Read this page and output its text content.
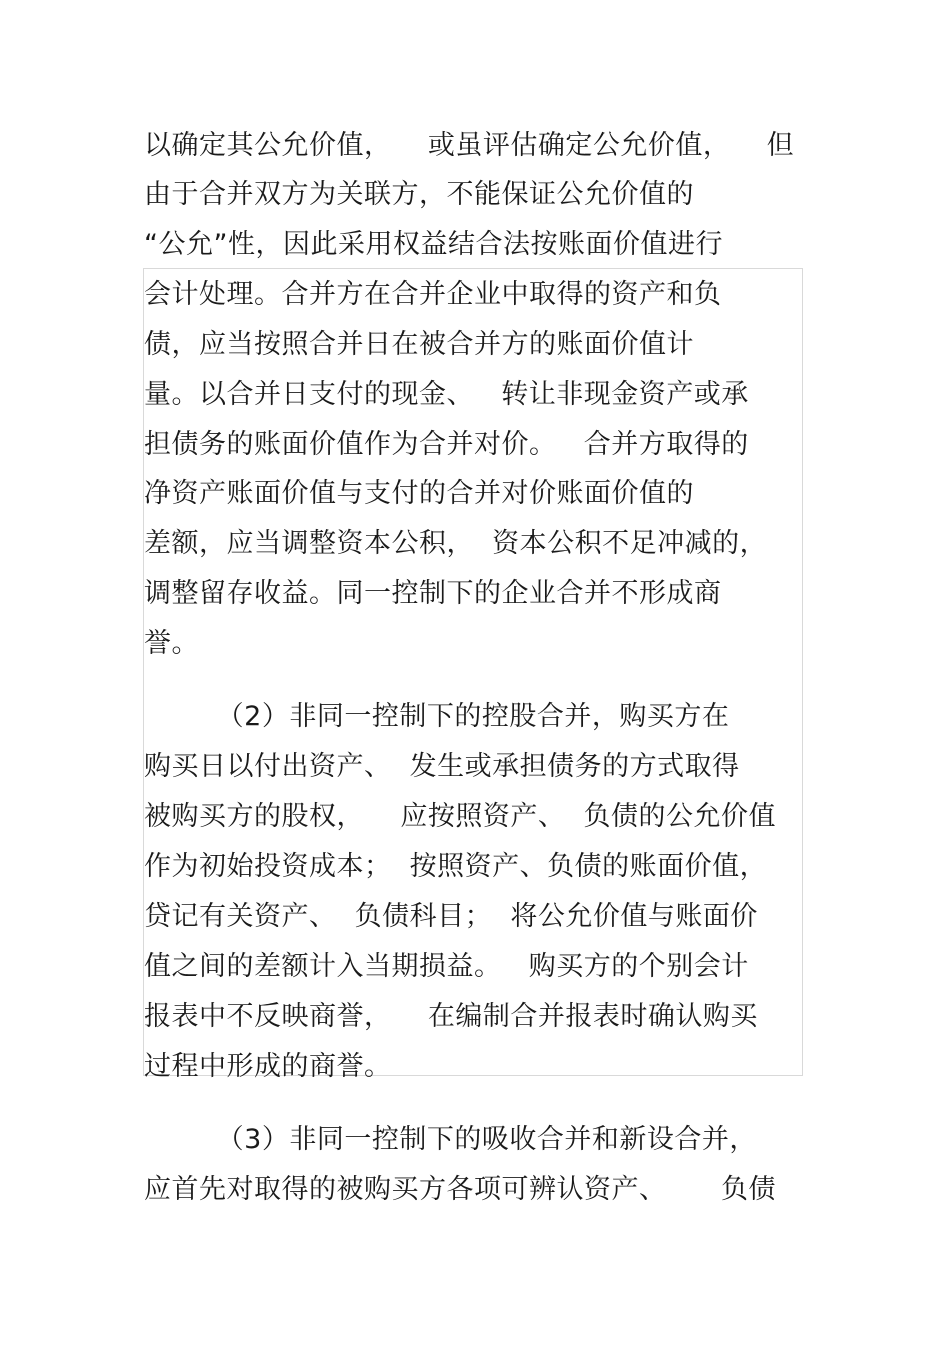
以确定其公允价值，    或虽评估确定公允价值，    但
由于合并双方为关联方，不能保证公允价值的
“公允”性，因此采用权益结合法按账面价值进行
会计处理。合并方在合并企业中取得的资产和负
债，应当按照合并日在被合并方的账面价值计
量。以合并日支付的现金、   转让非现金资产或承
担债务的账面价值作为合并对价。   合并方取得的
净资产账面价值与支付的合并对价账面价值的
差额，应当调整资本公积，  资本公积不足冲减的，
调整留存收益。同一控制下的企业合并不形成商
誉。
（2）非同一控制下的控股合并，购买方在
购买日以付出资产、  发生或承担债务的方式取得
被购买方的股权，    应按照资产、  负债的公允价值
作为初始投资成本；  按照资产、负债的账面价值，
贷记有关资产、  负债科目；  将公允价值与账面价
值之间的差额计入当期损益。   购买方的个别会计
报表中不反映商誉，    在编制合并报表时确认购买
过程中形成的商誉。
（3）非同一控制下的吸收合并和新设合并，
应首先对取得的被购买方各项可辨认资产、      负债
